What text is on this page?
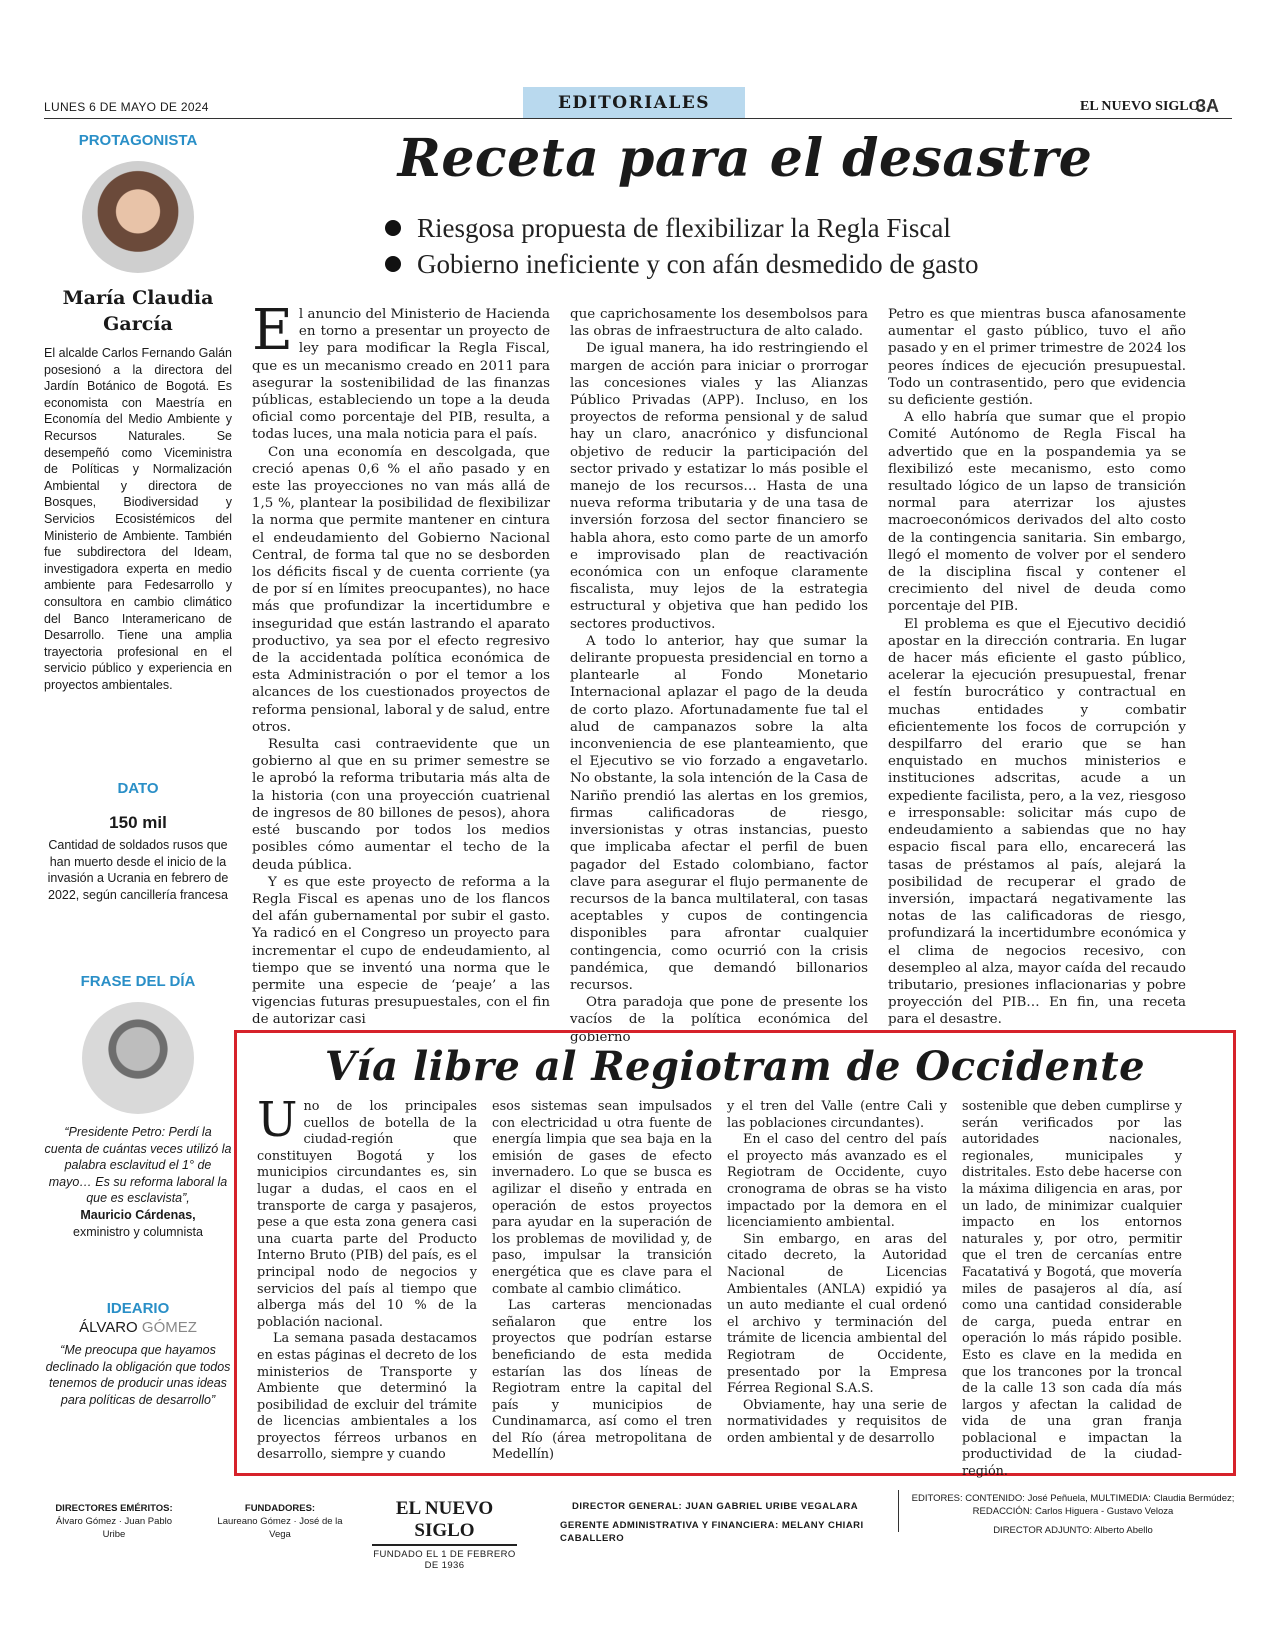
LUNES 6 DE MAYO DE 2024	EDITORIALES	EL NUEVO SIGLO
3A
PROTAGONISTA
María Claudia
García
El alcalde Carlos Fernando Galán posesionó a la directora del Jardín Botánico de Bogotá. Es economista con Maestría en Economía del Medio Ambiente y Recursos Naturales. Se desempeñó como Viceministra de Políticas y Normalización Ambiental y directora de Bosques, Biodiversidad y Servicios Ecosistémicos del Ministerio de Ambiente. También fue subdirectora del Ideam, investigadora experta en medio ambiente para Fedesarrollo y consultora en cambio climático del Banco Interamericano de Desarrollo. Tiene una amplia trayectoria profesional en el servicio público y experiencia en proyectos ambientales.
DATO
150 mil
Cantidad de soldados rusos que han muerto desde el inicio de la invasión a Ucrania en febrero de 2022, según cancillería francesa
FRASE DEL DÍA
“Presidente Petro: Perdí la cuenta de cuántas veces utilizó la palabra esclavitud el 1° de mayo… Es su reforma laboral la que es esclavista”,
Mauricio Cárdenas,
exministro y columnista
IDEARIO
ÁLVARO GÓMEZ
“Me preocupa que hayamos declinado la obligación que todos tenemos de producir unas ideas para políticas de desarrollo”
Receta para el desastre
Riesgosa propuesta de flexibilizar la Regla Fiscal
Gobierno ineficiente y con afán desmedido de gasto
E l anuncio del Ministerio de Hacienda en torno a presentar un proyecto de ley para modificar la Regla Fiscal, que es un mecanismo creado en 2011 para asegurar la sostenibilidad de las finanzas públicas, estableciendo un tope a la deuda oficial como porcentaje del PIB, resulta, a todas luces, una mala noticia para el país.

Con una economía en descolgada, que creció apenas 0,6 % el año pasado y en este las proyecciones no van más allá de 1,5 %, plantear la posibilidad de flexibilizar la norma que permite mantener en cintura el endeudamiento del Gobierno Nacional Central, de forma tal que no se desborden los déficits fiscal y de cuenta corriente (ya de por sí en límites preocupantes), no hace más que profundizar la incertidumbre e inseguridad que están lastrando el aparato productivo, ya sea por el efecto regresivo de la accidentada política económica de esta Administración o por el temor a los alcances de los cuestionados proyectos de reforma pensional, laboral y de salud, entre otros.

Resulta casi contraevidente que un gobierno al que en su primer semestre se le aprobó la reforma tributaria más alta de la historia (con una proyección cuatrienal de ingresos de 80 billones de pesos), ahora esté buscando por todos los medios posibles cómo aumentar el techo de la deuda pública.

Y es que este proyecto de reforma a la Regla Fiscal es apenas uno de los flancos del afán gubernamental por subir el gasto. Ya radicó en el Congreso un proyecto para incrementar el cupo de endeudamiento, al tiempo que se inventó una norma que le permite una especie de ‘peaje’ a las vigencias futuras presupuestales, con el fin de autorizar casi

que caprichosamente los desembolsos para las obras de infraestructura de alto calado.

De igual manera, ha ido restringiendo el margen de acción para iniciar o prorrogar las concesiones viales y las Alianzas Público Privadas (APP). Incluso, en los proyectos de reforma pensional y de salud hay un claro, anacrónico y disfuncional objetivo de reducir la participación del sector privado y estatizar lo más posible el manejo de los recursos… Hasta de una nueva reforma tributaria y de una tasa de inversión forzosa del sector financiero se habla ahora, esto como parte de un amorfo e improvisado plan de reactivación económica con un enfoque claramente fiscalista, muy lejos de la estrategia estructural y objetiva que han pedido los sectores productivos.

A todo lo anterior, hay que sumar la delirante propuesta presidencial en torno a plantearle al Fondo Monetario Internacional aplazar el pago de la deuda de corto plazo. Afortunadamente fue tal el alud de campanazos sobre la alta inconveniencia de ese planteamiento, que el Ejecutivo se vio forzado a engavetarlo. No obstante, la sola intención de la Casa de Nariño prendió las alertas en los gremios, firmas calificadoras de riesgo, inversionistas y otras instancias, puesto que implicaba afectar el perfil de buen pagador del Estado colombiano, factor clave para asegurar el flujo permanente de recursos de la banca multilateral, con tasas aceptables y cupos de contingencia disponibles para afrontar cualquier contingencia, como ocurrió con la crisis pandémica, que demandó billonarios recursos.

Otra paradoja que pone de presente los vacíos de la política económica del gobierno

Petro es que mientras busca afanosamente aumentar el gasto público, tuvo el año pasado y en el primer trimestre de 2024 los peores índices de ejecución presupuestal. Todo un contrasentido, pero que evidencia su deficiente gestión.

A ello habría que sumar que el propio Comité Autónomo de Regla Fiscal ha advertido que en la pospandemia ya se flexibilizó este mecanismo, esto como resultado lógico de un lapso de transición normal para aterrizar los ajustes macroeconómicos derivados del alto costo de la contingencia sanitaria. Sin embargo, llegó el momento de volver por el sendero de la disciplina fiscal y contener el crecimiento del nivel de deuda como porcentaje del PIB.

El problema es que el Ejecutivo decidió apostar en la dirección contraria. En lugar de hacer más eficiente el gasto público, acelerar la ejecución presupuestal, frenar el festín burocrático y contractual en muchas entidades y combatir eficientemente los focos de corrupción y despilfarro del erario que se han enquistado en muchos ministerios e instituciones adscritas, acude a un expediente facilista, pero, a la vez, riesgoso e irresponsable: solicitar más cupo de endeudamiento a sabiendas que no hay espacio fiscal para ello, encarecerá las tasas de préstamos al país, alejará la posibilidad de recuperar el grado de inversión, impactará negativamente las notas de las calificadoras de riesgo, profundizará la incertidumbre económica y el clima de negocios recesivo, con desempleo al alza, mayor caída del recaudo tributario, presiones inflacionarias y pobre proyección del PIB… En fin, una receta para el desastre.

Vía libre al Regiotram de Occidente
U no de los principales cuellos de botella de la ciudad-región que constituyen Bogotá y los municipios circundantes es, sin lugar a dudas, el caos en el transporte de carga y pasajeros, pese a que esta zona genera casi una cuarta parte del Producto Interno Bruto (PIB) del país, es el principal nodo de negocios y servicios del país al tiempo que alberga más del 10 % de la población nacional.

La semana pasada destacamos en estas páginas el decreto de los ministerios de Transporte y Ambiente que determinó la posibilidad de excluir del trámite de licencias ambientales a los proyectos férreos urbanos en desarrollo, siempre y cuando

esos sistemas sean impulsados con electricidad u otra fuente de energía limpia que sea baja en la emisión de gases de efecto invernadero. Lo que se busca es agilizar el diseño y entrada en operación de estos proyectos para ayudar en la superación de los problemas de movilidad y, de paso, impulsar la transición energética que es clave para el combate al cambio climático.

Las carteras mencionadas señalaron que entre los proyectos que podrían estarse beneficiando de esta medida estarían las dos líneas de Regiotram entre la capital del país y municipios de Cundinamarca, así como el tren del Río (área metropolitana de Medellín)

y el tren del Valle (entre Cali y las poblaciones circundantes).

En el caso del centro del país el proyecto más avanzado es el Regiotram de Occidente, cuyo cronograma de obras se ha visto impactado por la demora en el licenciamiento ambiental.

Sin embargo, en aras del citado decreto, la Autoridad Nacional de Licencias Ambientales (ANLA) expidió ya un auto mediante el cual ordenó el archivo y terminación del trámite de licencia ambiental del Regiotram de Occidente, presentado por la Empresa Férrea Regional S.A.S.

Obviamente, hay una serie de normatividades y requisitos de orden ambiental y de desarrollo

sostenible que deben cumplirse y serán verificados por las autoridades nacionales, regionales, municipales y distritales. Esto debe hacerse con la máxima diligencia en aras, por un lado, de minimizar cualquier impacto en los entornos naturales y, por otro, permitir que el tren de cercanías entre Facatativá y Bogotá, que movería miles de pasajeros al día, así como una cantidad considerable de carga, pueda entrar en operación lo más rápido posible. Esto es clave en la medida en que los trancones por la troncal de la calle 13 son cada día más largos y afectan la calidad de vida de una gran franja poblacional e impactan la productividad de la ciudad-región.

DIRECTORES EMÉRITOS:
Álvaro Gómez · Juan Pablo Uribe
FUNDADORES:
Laureano Gómez · José de la Vega
EL NUEVO SIGLO
FUNDADO EL 1 DE FEBRERO DE 1936
DIRECTOR GENERAL: JUAN GABRIEL URIBE VEGALARA
GERENTE ADMINISTRATIVA Y FINANCIERA: MELANY CHIARI CABALLERO
EDITORES: CONTENIDO: José Peñuela, MULTIMEDIA: Claudia Bermúdez;
REDACCIÓN: Carlos Higuera - Gustavo Veloza
DIRECTOR ADJUNTO: Alberto Abello
